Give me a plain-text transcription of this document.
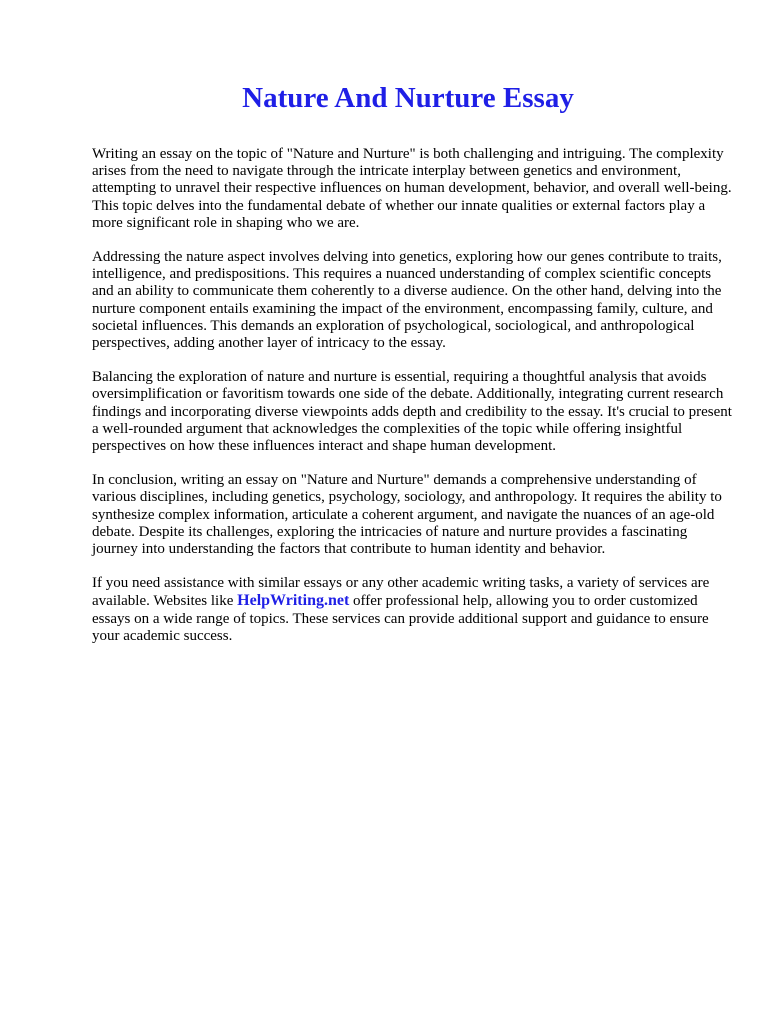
Nature And Nurture Essay

Writing an essay on the topic of "Nature and Nurture" is both challenging and intriguing. The complexity arises from the need to navigate through the intricate interplay between genetics and environment, attempting to unravel their respective influences on human development, behavior, and overall well-being. This topic delves into the fundamental debate of whether our innate qualities or external factors play a more significant role in shaping who we are.

Addressing the nature aspect involves delving into genetics, exploring how our genes contribute to traits, intelligence, and predispositions. This requires a nuanced understanding of complex scientific concepts and an ability to communicate them coherently to a diverse audience. On the other hand, delving into the nurture component entails examining the impact of the environment, encompassing family, culture, and societal influences. This demands an exploration of psychological, sociological, and anthropological perspectives, adding another layer of intricacy to the essay.

Balancing the exploration of nature and nurture is essential, requiring a thoughtful analysis that avoids oversimplification or favoritism towards one side of the debate. Additionally, integrating current research findings and incorporating diverse viewpoints adds depth and credibility to the essay. It's crucial to present a well-rounded argument that acknowledges the complexities of the topic while offering insightful perspectives on how these influences interact and shape human development.

In conclusion, writing an essay on "Nature and Nurture" demands a comprehensive understanding of various disciplines, including genetics, psychology, sociology, and anthropology. It requires the ability to synthesize complex information, articulate a coherent argument, and navigate the nuances of an age-old debate. Despite its challenges, exploring the intricacies of nature and nurture provides a fascinating journey into understanding the factors that contribute to human identity and behavior.

If you need assistance with similar essays or any other academic writing tasks, a variety of services are available. Websites like HelpWriting.net offer professional help, allowing you to order customized essays on a wide range of topics. These services can provide additional support and guidance to ensure your academic success.
